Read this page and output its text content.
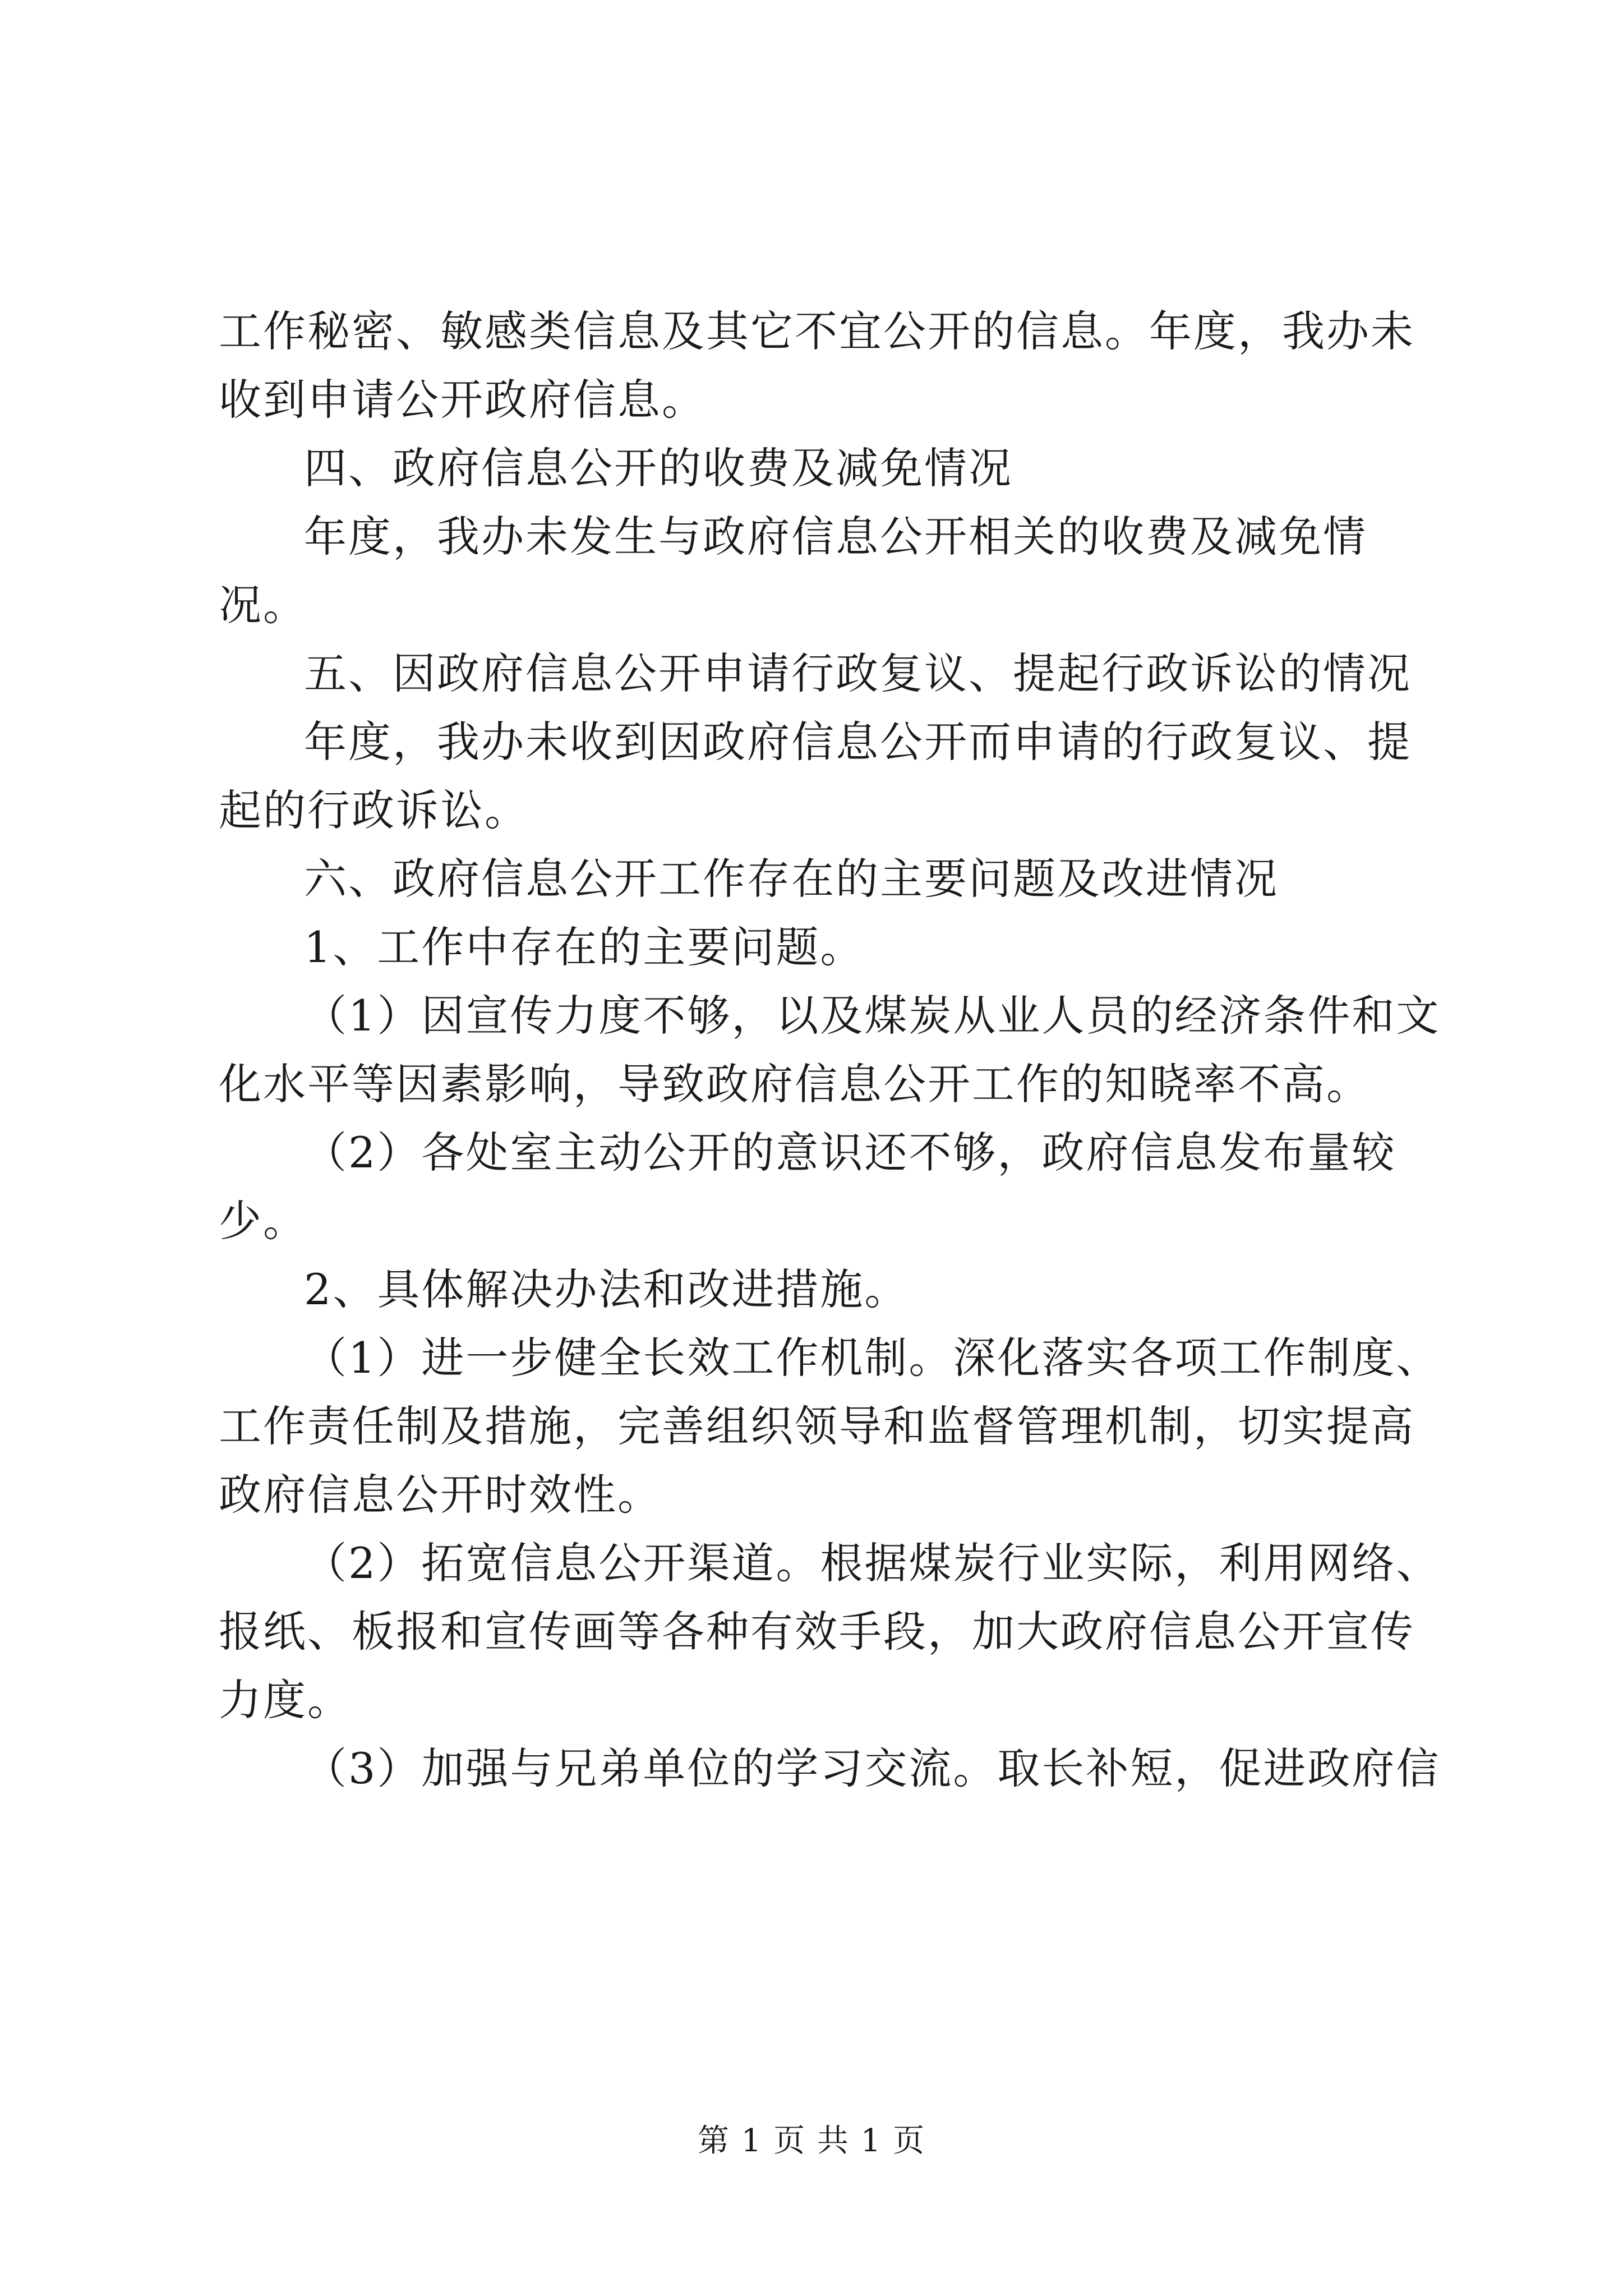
工作秘密、敏感类信息及其它不宜公开的信息。年度，我办未收到申请公开政府信息。

四、政府信息公开的收费及减免情况

年度，我办未发生与政府信息公开相关的收费及减免情况。

五、因政府信息公开申请行政复议、提起行政诉讼的情况

年度，我办未收到因政府信息公开而申请的行政复议、提起的行政诉讼。

六、政府信息公开工作存在的主要问题及改进情况

1、工作中存在的主要问题。

（1）因宣传力度不够，以及煤炭从业人员的经济条件和文化水平等因素影响，导致政府信息公开工作的知晓率不高。

（2）各处室主动公开的意识还不够，政府信息发布量较少。

2、具体解决办法和改进措施。

（1）进一步健全长效工作机制。深化落实各项工作制度、工作责任制及措施，完善组织领导和监督管理机制，切实提高政府信息公开时效性。

（2）拓宽信息公开渠道。根据煤炭行业实际，利用网络、报纸、板报和宣传画等各种有效手段，加大政府信息公开宣传力度。

（3）加强与兄弟单位的学习交流。取长补短，促进政府信

第 1 页 共 1 页
